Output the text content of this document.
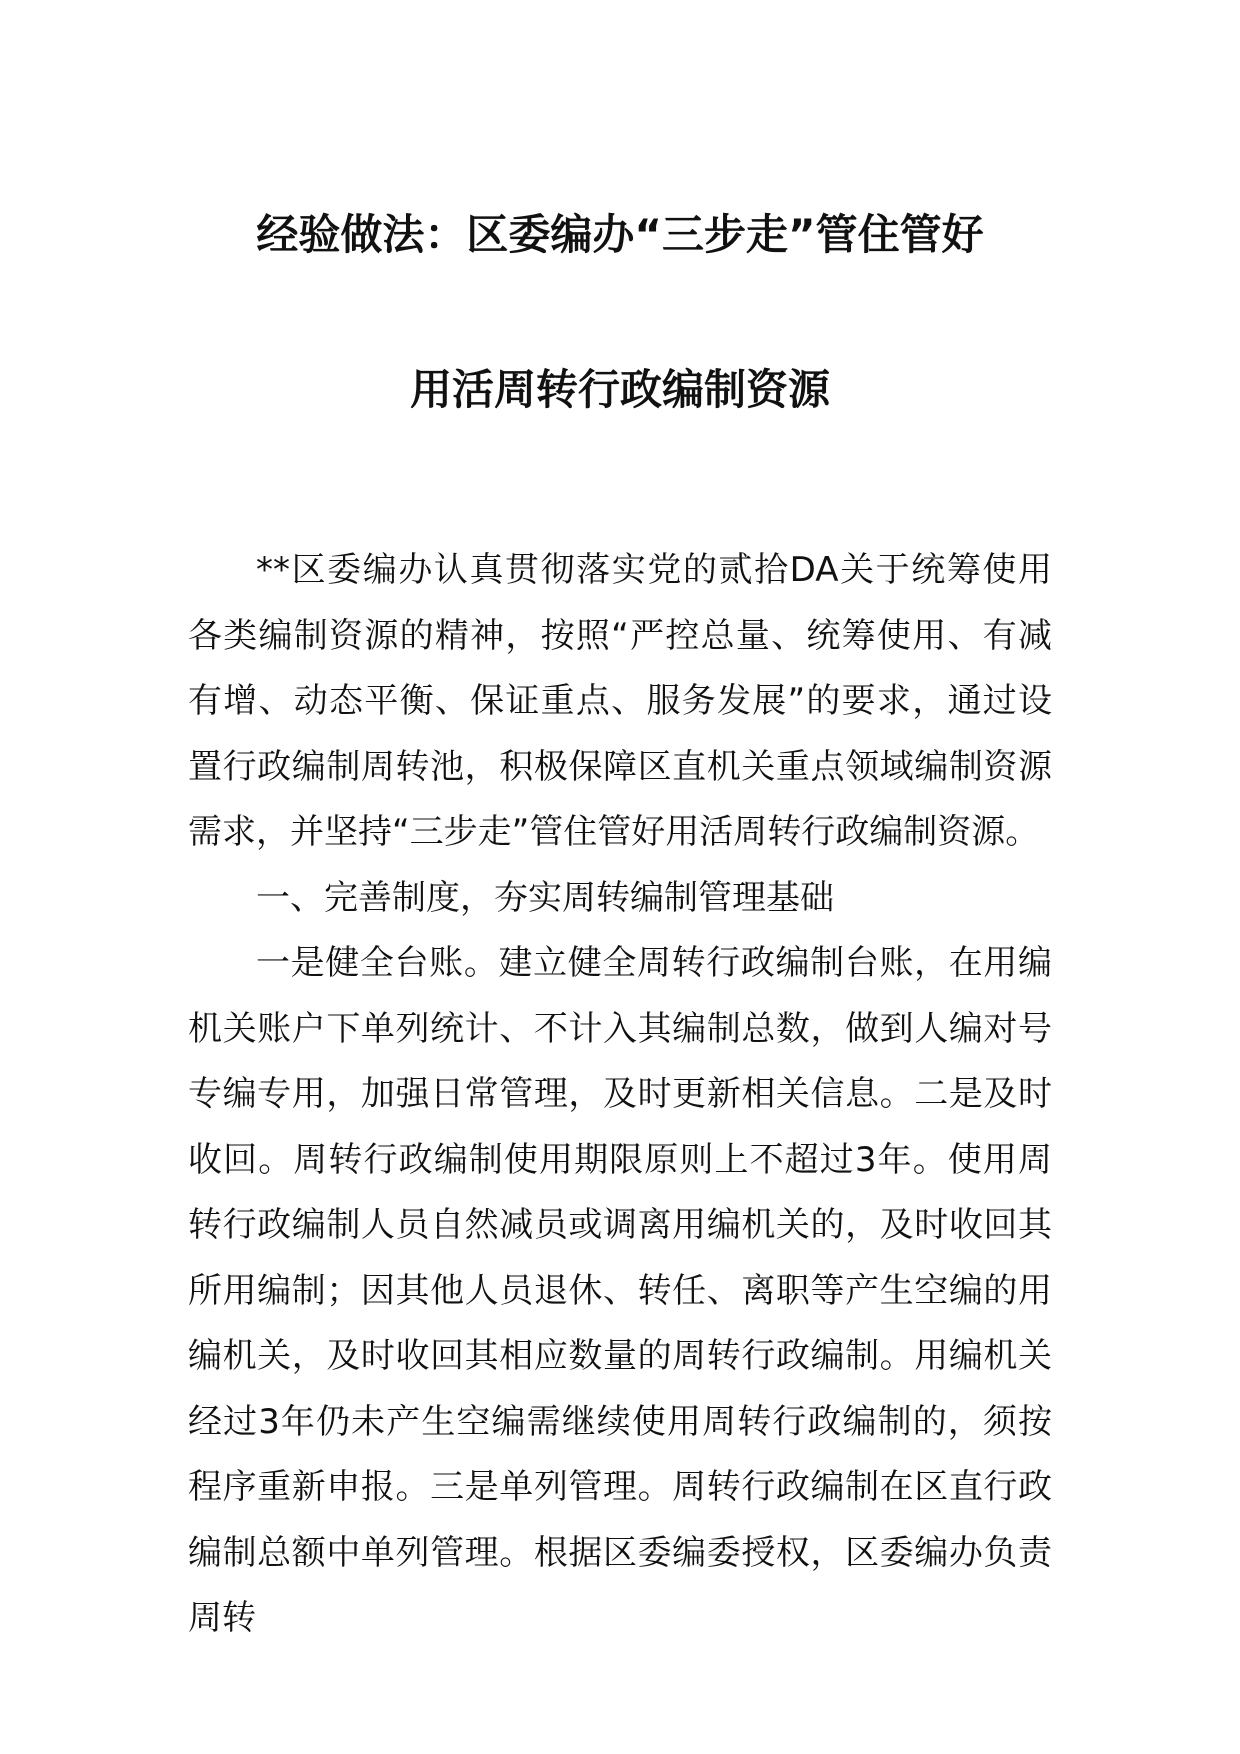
经验做法：区委编办“三步走”管住管好
用活周转行政编制资源

**区委编办认真贯彻落实党的贰拾DA关于统筹使用各类编制资源的精神，按照“严控总量、统筹使用、有减有增、动态平衡、保证重点、服务发展”的要求，通过设置行政编制周转池，积极保障区直机关重点领域编制资源需求，并坚持“三步走”管住管好用活周转行政编制资源。

一、完善制度，夯实周转编制管理基础

一是健全台账。建立健全周转行政编制台账，在用编机关账户下单列统计、不计入其编制总数，做到人编对号专编专用，加强日常管理，及时更新相关信息。二是及时收回。周转行政编制使用期限原则上不超过3年。使用周转行政编制人员自然减员或调离用编机关的，及时收回其所用编制；因其他人员退休、转任、离职等产生空编的用编机关，及时收回其相应数量的周转行政编制。用编机关经过3年仍未产生空编需继续使用周转行政编制的，须按程序重新申报。三是单列管理。周转行政编制在区直行政编制总额中单列管理。根据区委编委授权，区委编办负责周转
